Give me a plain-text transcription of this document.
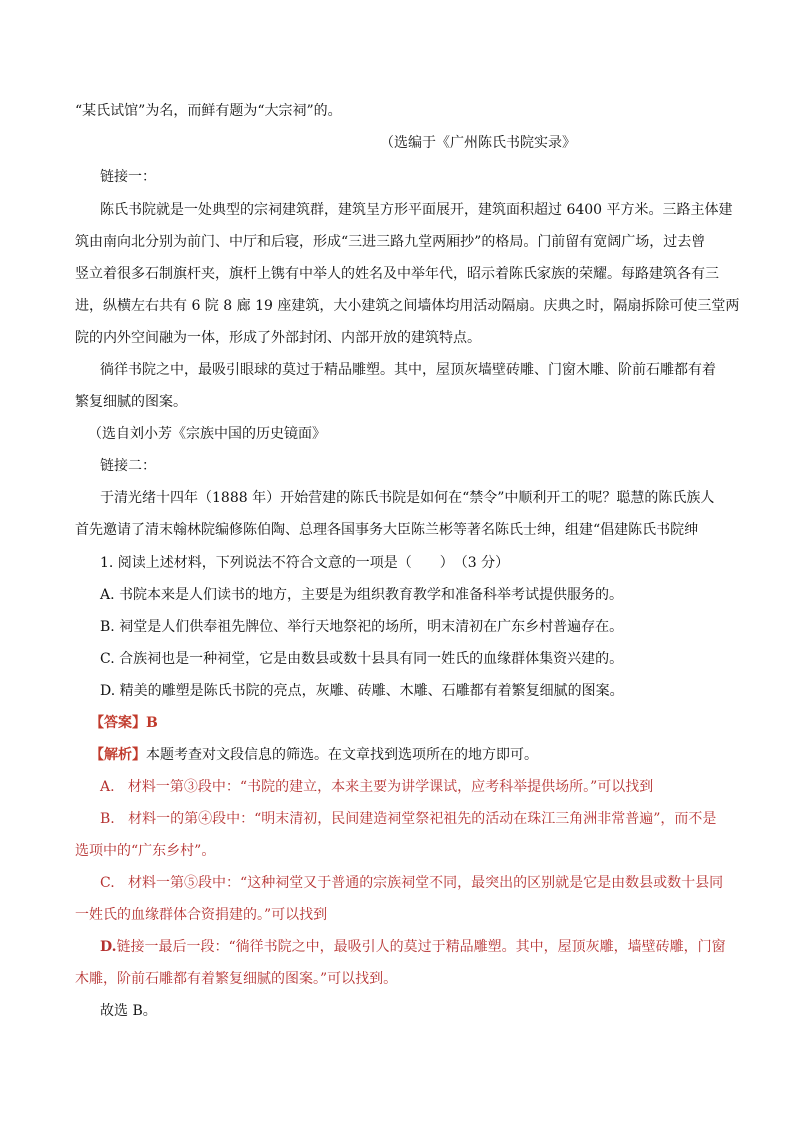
“某氏试馆”为名，而鲜有题为“大宗祠”的。
（选编于《广州陈氏书院实录》
链接一：
陈氏书院就是一处典型的宗祠建筑群，建筑呈方形平面展开，建筑面积超过 6400 平方米。三路主体建
筑由南向北分别为前门、中厅和后寝，形成“三进三路九堂两厢抄”的格局。门前留有宽阔广场，过去曾
竖立着很多石制旗杆夹，旗杆上镌有中举人的姓名及中举年代，昭示着陈氏家族的荣耀。每路建筑各有三
进，纵横左右共有 6 院 8 廊 19 座建筑，大小建筑之间墙体均用活动隔扇。庆典之时，隔扇拆除可使三堂两
院的内外空间融为一体，形成了外部封闭、内部开放的建筑特点。
徜徉书院之中，最吸引眼球的莫过于精品雕塑。其中，屋顶灰墙壁砖雕、门窗木雕、阶前石雕都有着
繁复细腻的图案。
（选自刘小芳《宗族中国的历史镜面》
链接二：
于清光绪十四年（1888 年）开始营建的陈氏书院是如何在“禁令”中顺利开工的呢？聪慧的陈氏族人
首先邀请了清末翰林院编修陈伯陶、总理各国事务大臣陈兰彬等著名陈氏士绅，组建“倡建陈氏书院绅
1. 阅读上述材料，下列说法不符合文意的一项是（　　）　（3 分）
A. 书院本来是人们读书的地方，主要是为组织教育教学和准备科举考试提供服务的。
B. 祠堂是人们供奉祖先牌位、举行天地祭祀的场所，明末清初在广东乡村普遍存在。
C. 合族祠也是一种祠堂，它是由数县或数十县具有同一姓氏的血缘群体集资兴建的。
D. 精美的雕塑是陈氏书院的亮点，灰雕、砖雕、木雕、石雕都有着繁复细腻的图案。
【答案】B
【解析】本题考查对文段信息的筛选。在文章找到选项所在的地方即可。
A. 材料一第③段中：“书院的建立，本来主要为讲学课试，应考科举提供场所。”可以找到
B. 材料一的第④段中：“明末清初，民间建造祠堂祭祀祖先的活动在珠江三角洲非常普遍”，而不是
选项中的“广东乡村”。
C. 材料一第⑤段中：“这种祠堂又于普通的宗族祠堂不同，最突出的区别就是它是由数县或数十县同
一姓氏的血缘群体合资捐建的。”可以找到
D.链接一最后一段：“徜徉书院之中，最吸引人的莫过于精品雕塑。其中，屋顶灰雕，墙壁砖雕，门窗
木雕，阶前石雕都有着繁复细腻的图案。”可以找到。
故选 B。
